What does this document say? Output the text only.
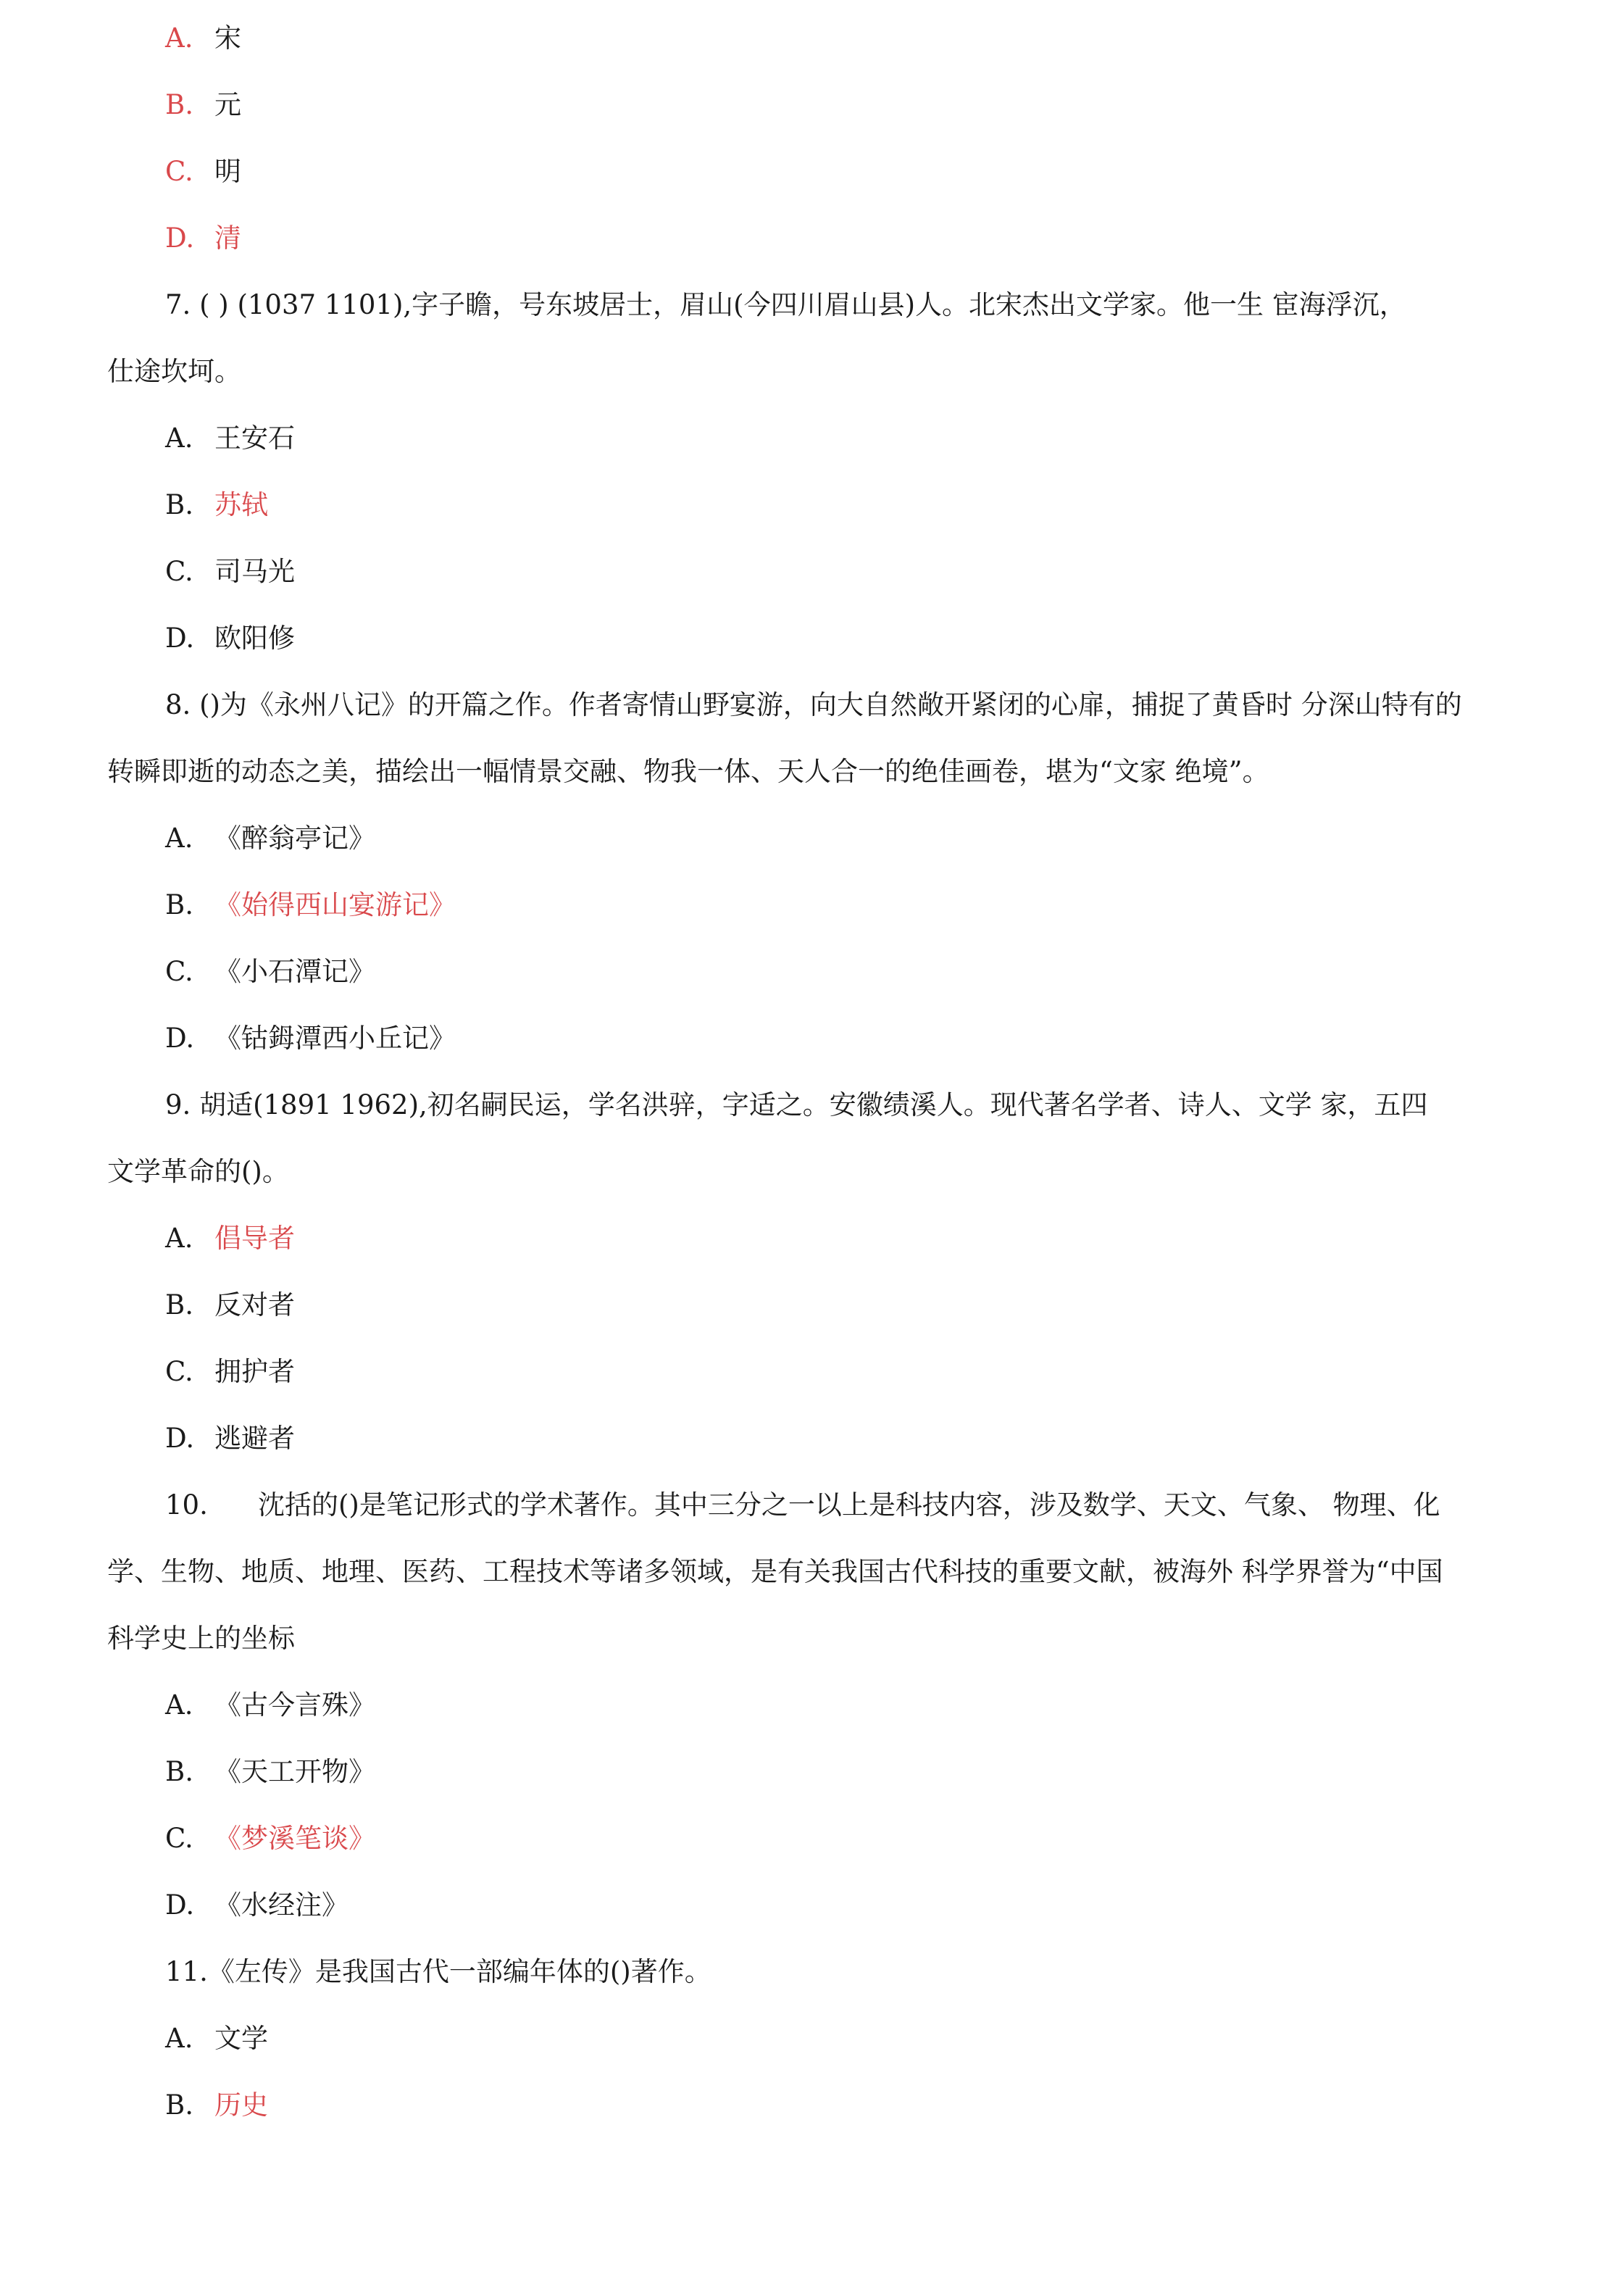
A. 宋
B. 元
C. 明
D. 清
7. ( ) (1037 1101),字子瞻，号东坡居士，眉山(今四川眉山县)人。北宋杰出文学家。他一生 宦海浮沉，
仕途坎坷。
A. 王安石
B. 苏轼
C. 司马光
D. 欧阳修
8. ()为《永州八记》的开篇之作。作者寄情山野宴游，向大自然敞开紧闭的心扉，捕捉了黄昏时 分深山特有的
转瞬即逝的动态之美，描绘出一幅情景交融、物我一体、天人合一的绝佳画卷，堪为“文家 绝境”。
A. 《醉翁亭记》
B. 《始得西山宴游记》
C. 《小石潭记》
D. 《钴鉧潭西小丘记》
9. 胡适(1891 1962),初名嗣民运，学名洪骍，字适之。安徽绩溪人。现代著名学者、诗人、文学 家，五四
文学革命的()。
A. 倡导者
B. 反对者
C. 拥护者
D. 逃避者
10. 沈括的()是笔记形式的学术著作。其中三分之一以上是科技内容，涉及数学、天文、气象、 物理、化
学、生物、地质、地理、医药、工程技术等诸多领域，是有关我国古代科技的重要文献，被海外 科学界誉为“中国
科学史上的坐标
A. 《古今言殊》
B. 《天工开物》
C. 《梦溪笔谈》
D. 《水经注》
11.《左传》是我国古代一部编年体的()著作。
A. 文学
B. 历史
